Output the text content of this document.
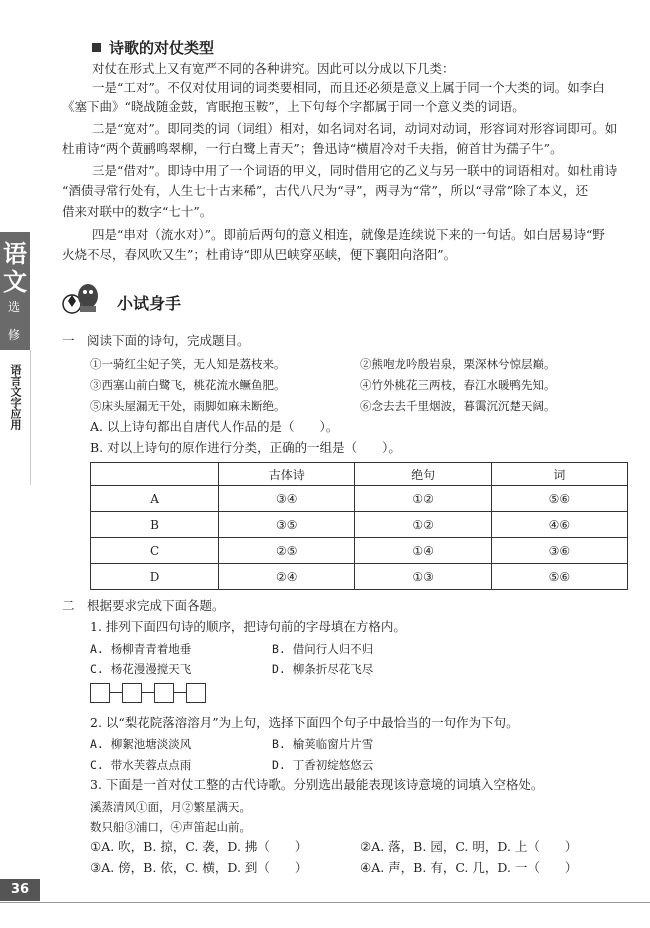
诗歌的对仗类型
对仗在形式上又有宽严不同的各种讲究。因此可以分成以下几类：
一是“工对”。不仅对仗用词的词类要相同，而且还必须是意义上属于同一个大类的词。如李白
《塞下曲》“晓战随金鼓，宵眠抱玉鞍”，上下句每个字都属于同一个意义类的词语。
二是“宽对”。即同类的词（词组）相对，如名词对名词，动词对动词，形容词对形容词即可。如
杜甫诗“两个黄鹂鸣翠柳，一行白鹭上青天”；鲁迅诗“横眉冷对千夫指，俯首甘为孺子牛”。
三是“借对”。即诗中用了一个词语的甲义，同时借用它的乙义与另一联中的词语相对。如杜甫诗
“酒债寻常行处有，人生七十古来稀”，古代八尺为“寻”，两寻为“常”，所以“寻常”除了本义，还
借来对联中的数字“七十”。
四是“串对（流水对）”。即前后两句的意义相连，就像是连续说下来的一句话。如白居易诗“野
火烧不尽，春风吹又生”；杜甫诗“即从巴峡穿巫峡，便下襄阳向洛阳”。
语
文
选
修
语言文字应用
小试身手
一　阅读下面的诗句，完成题目。
①一骑红尘妃子笑，无人知是荔枝来。	②熊咆龙吟殷岩泉，栗深林兮惊层巅。
③西塞山前白鹭飞，桃花流水鳜鱼肥。	④竹外桃花三两枝，春江水暖鸭先知。
⑤床头屋漏无干处，雨脚如麻未断绝。	⑥念去去千里烟波，暮霭沉沉楚天阔。
A. 以上诗句都出自唐代人作品的是（　　）。
B. 对以上诗句的原作进行分类，正确的一组是（　　）。
	古体诗	绝句	词
A	③④	①②	⑤⑥
B	③⑤	①②	④⑥
C	②⑤	①④	③⑥
D	②④	①③	⑤⑥
二　根据要求完成下面各题。
1. 排列下面四句诗的顺序，把诗句前的字母填在方格内。
A. 杨柳青青着地垂	B. 借问行人归不归
C. 杨花漫漫搅天飞	D. 柳条折尽花飞尽
2. 以“梨花院落溶溶月”为上句，选择下面四个句子中最恰当的一句作为下句。
A. 柳絮池塘淡淡风	B. 榆荚临窗片片雪
C. 带水芙蓉点点雨	D. 丁香初绽悠悠云
3. 下面是一首对仗工整的古代诗歌。分别选出最能表现该诗意境的词填入空格处。
溪蒸清风①面，月②繁星满天。
数只船③浦口，④声笛起山前。
①A. 吹，B. 掠，C. 袭，D. 拂（　　）	②A. 落，B. 园，C. 明，D. 上（　　）
③A. 傍，B. 依，C. 横，D. 到（　　）	④A. 声，B. 有，C. 几，D. 一（　　）
36
